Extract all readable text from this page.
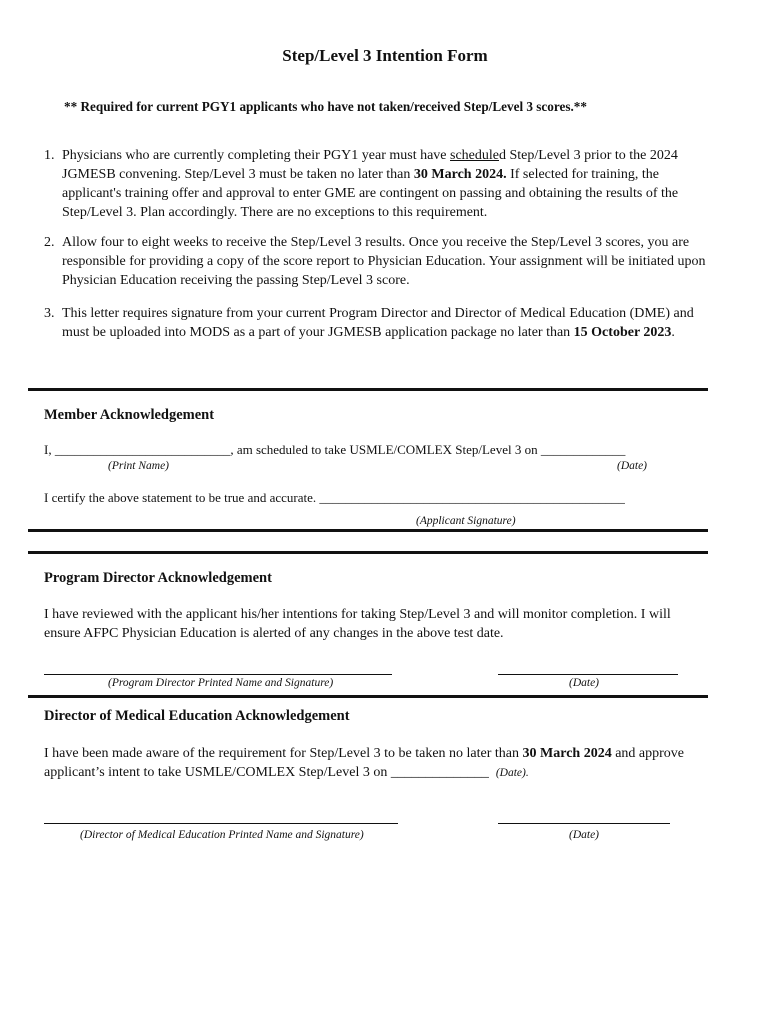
Step/Level 3 Intention Form
** Required for current PGY1 applicants who have not taken/received Step/Level 3 scores.**
1. Physicians who are currently completing their PGY1 year must have scheduled Step/Level 3 prior to the 2024 JGMESB convening. Step/Level 3 must be taken no later than 30 March 2024. If selected for training, the applicant's training offer and approval to enter GME are contingent on passing and obtaining the results of the Step/Level 3. Plan accordingly. There are no exceptions to this requirement.
2. Allow four to eight weeks to receive the Step/Level 3 results. Once you receive the Step/Level 3 scores, you are responsible for providing a copy of the score report to Physician Education. Your assignment will be initiated upon Physician Education receiving the passing Step/Level 3 score.
3. This letter requires signature from your current Program Director and Director of Medical Education (DME) and must be uploaded into MODS as a part of your JGMESB application package no later than 15 October 2023.
Member Acknowledgement
I, ___________________________, am scheduled to take USMLE/COMLEX Step/Level 3 on _____________
(Print Name)	(Date)
I certify the above statement to be true and accurate. _______________________________________________
(Applicant Signature)
Program Director Acknowledgement
I have reviewed with the applicant his/her intentions for taking Step/Level 3 and will monitor completion. I will ensure AFPC Physician Education is alerted of any changes in the above test date.
(Program Director Printed Name and Signature)	(Date)
Director of Medical Education Acknowledgement
I have been made aware of the requirement for Step/Level 3 to be taken no later than 30 March 2024 and approve applicant’s intent to take USMLE/COMLEX Step/Level 3 on ______________ (Date).
(Director of Medical Education Printed Name and Signature)	(Date)
